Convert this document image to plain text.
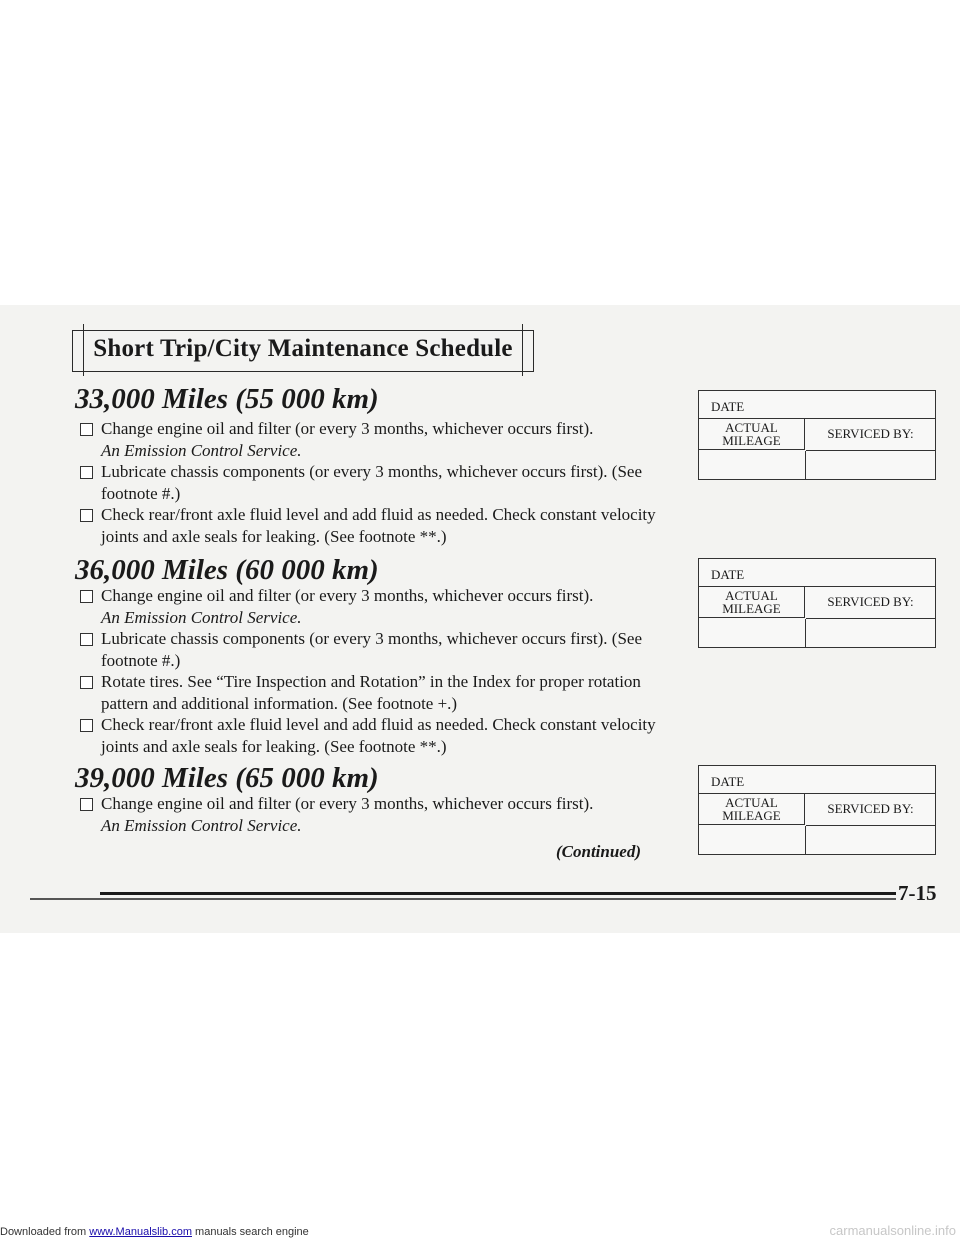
Short Trip/City Maintenance Schedule
33,000 Miles (55 000 km)
Change engine oil and filter (or every 3 months, whichever occurs first).
An Emission Control Service.
Lubricate chassis components (or every 3 months, whichever occurs first). (See footnote #.)
Check rear/front axle fluid level and add fluid as needed. Check constant velocity joints and axle seals for leaking. (See footnote **.)
36,000 Miles (60 000 km)
Change engine oil and filter (or every 3 months, whichever occurs first).
An Emission Control Service.
Lubricate chassis components (or every 3 months, whichever occurs first). (See footnote #.)
Rotate tires. See “Tire Inspection and Rotation” in the Index for proper rotation pattern and additional information. (See footnote +.)
Check rear/front axle fluid level and add fluid as needed. Check constant velocity joints and axle seals for leaking. (See footnote **.)
39,000 Miles (65 000 km)
Change engine oil and filter (or every 3 months, whichever occurs first).
An Emission Control Service.
DATE
ACTUAL
MILEAGE	SERVICED BY:
DATE
ACTUAL
MILEAGE	SERVICED BY:
DATE
ACTUAL
MILEAGE	SERVICED BY:
(Continued)
7-15
Downloaded from www.Manualslib.com manuals search engine	carmanualsonline.info
